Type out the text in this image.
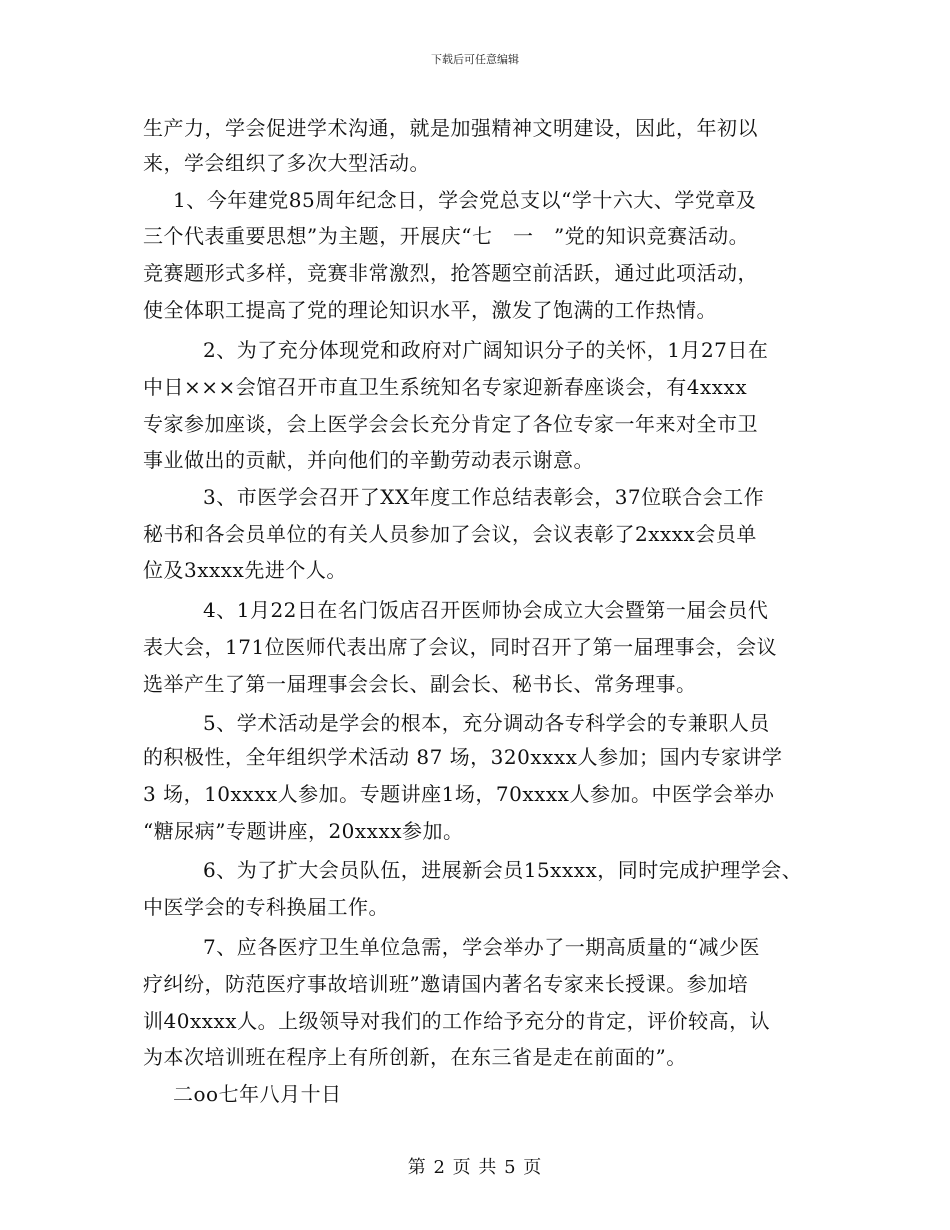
下载后可任意编辑
生产力，学会促进学术沟通，就是加强精神文明建设，因此，年初以
来，学会组织了多次大型活动。
1、今年建党85周年纪念日，学会党总支以“学十六大、学党章及
三个代表重要思想”为主题，开展庆“七　一　”党的知识竞赛活动。
竞赛题形式多样，竞赛非常激烈，抢答题空前活跃，通过此项活动，
使全体职工提高了党的理论知识水平，激发了饱满的工作热情。
2、为了充分体现党和政府对广阔知识分子的关怀，1月27日在
中日×××会馆召开市直卫生系统知名专家迎新春座谈会，有4xxxx
专家参加座谈，会上医学会会长充分肯定了各位专家一年来对全市卫
事业做出的贡献，并向他们的辛勤劳动表示谢意。
3、市医学会召开了XX年度工作总结表彰会，37位联合会工作
秘书和各会员单位的有关人员参加了会议，会议表彰了2xxxx会员单
位及3xxxx先进个人。
4、1月22日在名门饭店召开医师协会成立大会暨第一届会员代
表大会，171位医师代表出席了会议，同时召开了第一届理事会，会议
选举产生了第一届理事会会长、副会长、秘书长、常务理事。
5、学术活动是学会的根本，充分调动各专科学会的专兼职人员
的积极性，全年组织学术活动 87 场，320xxxx人参加；国内专家讲学
3 场，10xxxx人参加。专题讲座1场，70xxxx人参加。中医学会举办
“糖尿病”专题讲座，20xxxx参加。
6、为了扩大会员队伍，进展新会员15xxxx，同时完成护理学会、
中医学会的专科换届工作。
7、应各医疗卫生单位急需，学会举办了一期高质量的“减少医
疗纠纷，防范医疗事故培训班”邀请国内著名专家来长授课。参加培
训40xxxx人。上级领导对我们的工作给予充分的肯定，评价较高，认
为本次培训班在程序上有所创新，在东三省是走在前面的”。
二oo七年八月十日
第 2 页 共 5 页
